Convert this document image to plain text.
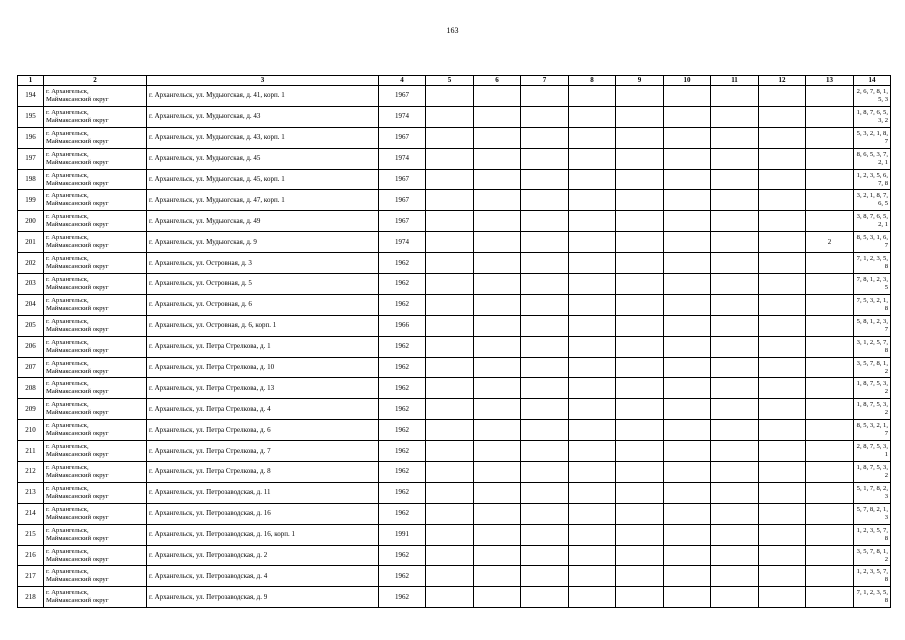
163
1	2	3	4	5	6	7	8	9	10	11	12	13	14
194	г. Архангельск,
Маймаксанский округ	г. Архангельск, ул. Мудьюгская, д. 41, корп. 1	1967										2, 6, 7, 8, 1, 5, 3
195	г. Архангельск,
Маймаксанский округ	г. Архангельск, ул. Мудьюгская, д. 43	1974										1, 8, 7, 6, 5, 3, 2
196	г. Архангельск,
Маймаксанский округ	г. Архангельск, ул. Мудьюгская, д. 43, корп. 1	1967										5, 3, 2, 1, 8, 7
197	г. Архангельск,
Маймаксанский округ	г. Архангельск, ул. Мудьюгская, д. 45	1974										8, 6, 5, 3, 7, 2, 1
198	г. Архангельск,
Маймаксанский округ	г. Архангельск, ул. Мудьюгская, д. 45, корп. 1	1967										1, 2, 3, 5, 6, 7, 8
199	г. Архангельск,
Маймаксанский округ	г. Архангельск, ул. Мудьюгская, д. 47, корп. 1	1967										3, 2, 1, 8, 7, 6, 5
200	г. Архангельск,
Маймаксанский округ	г. Архангельск, ул. Мудьюгская, д. 49	1967										3, 8, 7, 6, 5, 2, 1
201	г. Архангельск,
Маймаксанский округ	г. Архангельск, ул. Мудьюгская, д. 9	1974									2	8, 5, 3, 1, 6, 7
202	г. Архангельск,
Маймаксанский округ	г. Архангельск, ул. Островная, д. 3	1962										7, 1, 2, 3, 5, 8
203	г. Архангельск,
Маймаксанский округ	г. Архангельск, ул. Островная, д. 5	1962										7, 8, 1, 2, 3, 5
204	г. Архангельск,
Маймаксанский округ	г. Архангельск, ул. Островная, д. 6	1962										7, 5, 3, 2, 1, 8
205	г. Архангельск,
Маймаксанский округ	г. Архангельск, ул. Островная, д. 6, корп. 1	1966										5, 8, 1, 2, 3, 7
206	г. Архангельск,
Маймаксанский округ	г. Архангельск, ул. Петра Стрелкова, д. 1	1962										3, 1, 2, 5, 7, 8
207	г. Архангельск,
Маймаксанский округ	г. Архангельск, ул. Петра Стрелкова, д. 10	1962										3, 5, 7, 8, 1, 2
208	г. Архангельск,
Маймаксанский округ	г. Архангельск, ул. Петра Стрелкова, д. 13	1962										1, 8, 7, 5, 3, 2
209	г. Архангельск,
Маймаксанский округ	г. Архангельск, ул. Петра Стрелкова, д. 4	1962										1, 8, 7, 5, 3, 2
210	г. Архангельск,
Маймаксанский округ	г. Архангельск, ул. Петра Стрелкова, д. 6	1962										8, 5, 3, 2, 1, 7
211	г. Архангельск,
Маймаксанский округ	г. Архангельск, ул. Петра Стрелкова, д. 7	1962										2, 8, 7, 5, 3, 1
212	г. Архангельск,
Маймаксанский округ	г. Архангельск, ул. Петра Стрелкова, д. 8	1962										1, 8, 7, 5, 3, 2
213	г. Архангельск,
Маймаксанский округ	г. Архангельск, ул. Петрозаводская, д. 11	1962										5, 1, 7, 8, 2, 3
214	г. Архангельск,
Маймаксанский округ	г. Архангельск, ул. Петрозаводская, д. 16	1962										5, 7, 8, 2, 1, 3
215	г. Архангельск,
Маймаксанский округ	г. Архангельск, ул. Петрозаводская, д. 16, корп. 1	1991										1, 2, 3, 5, 7, 8
216	г. Архангельск,
Маймаксанский округ	г. Архангельск, ул. Петрозаводская, д. 2	1962										3, 5, 7, 8, 1, 2
217	г. Архангельск,
Маймаксанский округ	г. Архангельск, ул. Петрозаводская, д. 4	1962										1, 2, 3, 5, 7, 8
218	г. Архангельск,
Маймаксанский округ	г. Архангельск, ул. Петрозаводская, д. 9	1962										7, 1, 2, 3, 5, 8
